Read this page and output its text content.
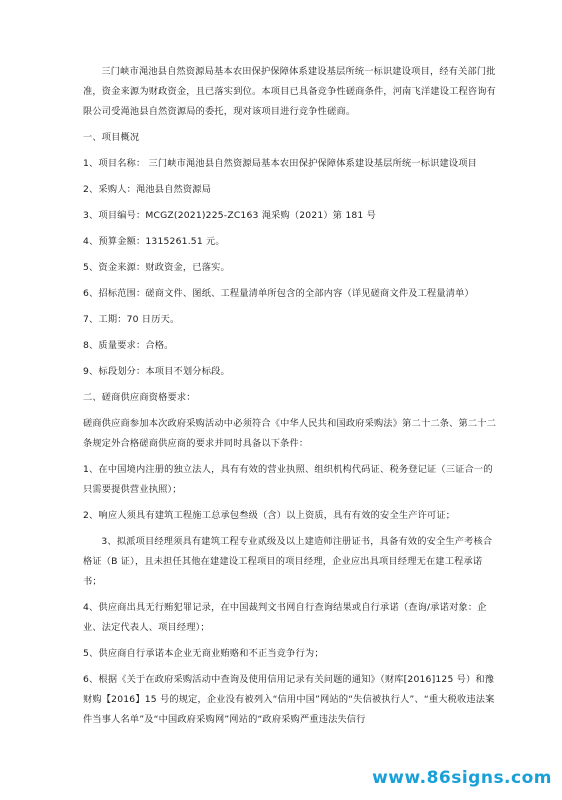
三门峡市渑池县自然资源局基本农田保护保障体系建设基层所统一标识建设项目，经有关部门批准，资金来源为财政资金，且已落实到位。本项目已具备竞争性磋商条件，河南飞洋建设工程咨询有限公司受渑池县自然资源局的委托，现对该项目进行竞争性磋商。

一、项目概况

1、项目名称： 三门峡市渑池县自然资源局基本农田保护保障体系建设基层所统一标识建设项目

2、采购人：渑池县自然资源局

3、项目编号：MCGZ(2021)225-ZC163 渑采购（2021）第 181 号

4、预算金额：1315261.51 元。

5、资金来源：财政资金，已落实。

6、招标范围：磋商文件、图纸、工程量清单所包含的全部内容（详见磋商文件及工程量清单）

7、工期：70 日历天。

8、质量要求：合格。

9、标段划分：本项目不划分标段。

二、磋商供应商资格要求：

磋商供应商参加本次政府采购活动中必须符合《中华人民共和国政府采购法》第二十二条、第二十二条规定外合格磋商供应商的要求并同时具备以下条件：

1、在中国境内注册的独立法人，具有有效的营业执照、组织机构代码证、税务登记证（三证合一的只需要提供营业执照）；

2、响应人须具有建筑工程施工总承包叁级（含）以上资质，具有有效的安全生产许可证；

3、拟派项目经理须具有建筑工程专业贰级及以上建造师注册证书，具备有效的安全生产考核合格证（B 证），且未担任其他在建建设工程项目的项目经理，企业应出具项目经理无在建工程承诺书；

4、供应商出具无行贿犯罪记录，在中国裁判文书网自行查询结果或自行承诺（查询/承诺对象：企业、法定代表人、项目经理）；

5、供应商自行承诺本企业无商业贿赂和不正当竞争行为；

6、根据《关于在政府采购活动中查询及使用信用记录有关问题的通知》（财库[2016]125 号）和豫财购【2016】15 号的规定，企业没有被列入“信用中国”网站的“失信被执行人”、“重大税收违法案件当事人名单”及“中国政府采购网”网站的“政府采购严重违法失信行

www.86signs.com
